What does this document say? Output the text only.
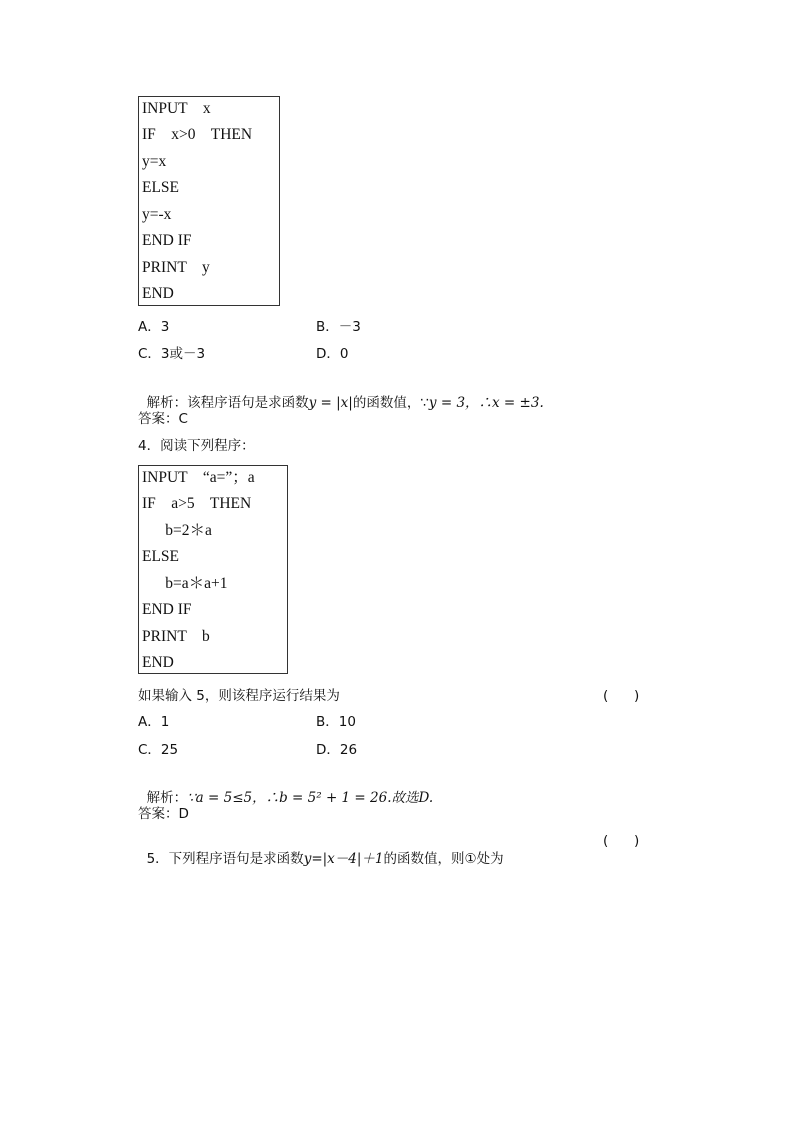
INPUT    x
IF    x>0    THEN
y=x
ELSE
y=-x
END IF
PRINT    y
END
A．3	B．－3
C．3或－3	D．0

解析：该程序语句是求函数y = |x|的函数值，∵y = 3，∴x = ±3.

答案：C
4．阅读下列程序：
INPUT    “a=”；a
IF    a>5    THEN
b=2＊a
ELSE
b=a＊a+1
END IF
PRINT    b
END
如果输入 5，则该程序运行结果为	(      )
A．1	B．10
C．25	D．26

解析：∵a = 5≤5，∴b = 5² + 1 = 26.故选D.

答案：D

5．下列程序语句是求函数y=|x－4|＋1的函数值，则①处为

(      )
